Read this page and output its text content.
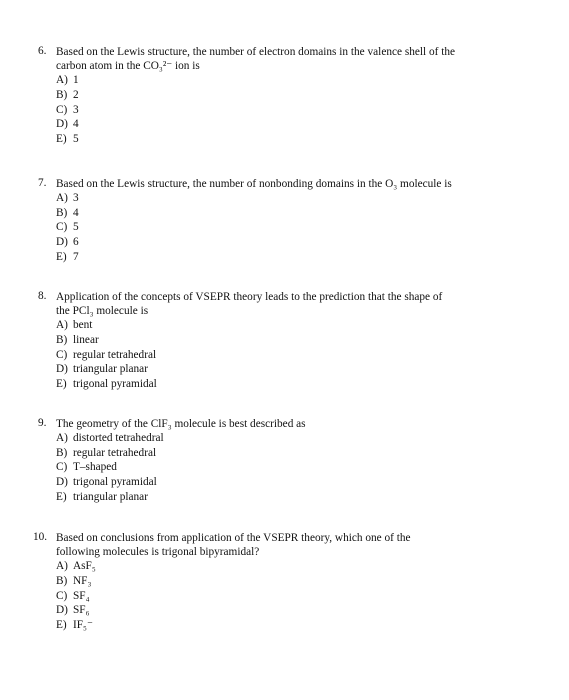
6. Based on the Lewis structure, the number of electron domains in the valence shell of the
carbon atom in the CO₃²⁻ ion is
A) 1
B) 2
C) 3
D) 4
E) 5
7. Based on the Lewis structure, the number of nonbonding domains in the O₃ molecule is
A) 3
B) 4
C) 5
D) 6
E) 7
8. Application of the concepts of VSEPR theory leads to the prediction that the shape of
the PCl₃ molecule is
A) bent
B) linear
C) regular tetrahedral
D) triangular planar
E) trigonal pyramidal
9. The geometry of the ClF₃ molecule is best described as
A) distorted tetrahedral
B) regular tetrahedral
C) T–shaped
D) trigonal pyramidal
E) triangular planar
10. Based on conclusions from application of the VSEPR theory, which one of the
following molecules is trigonal bipyramidal?
A) AsF₅
B) NF₃
C) SF₄
D) SF₆
E) IF₅⁻
